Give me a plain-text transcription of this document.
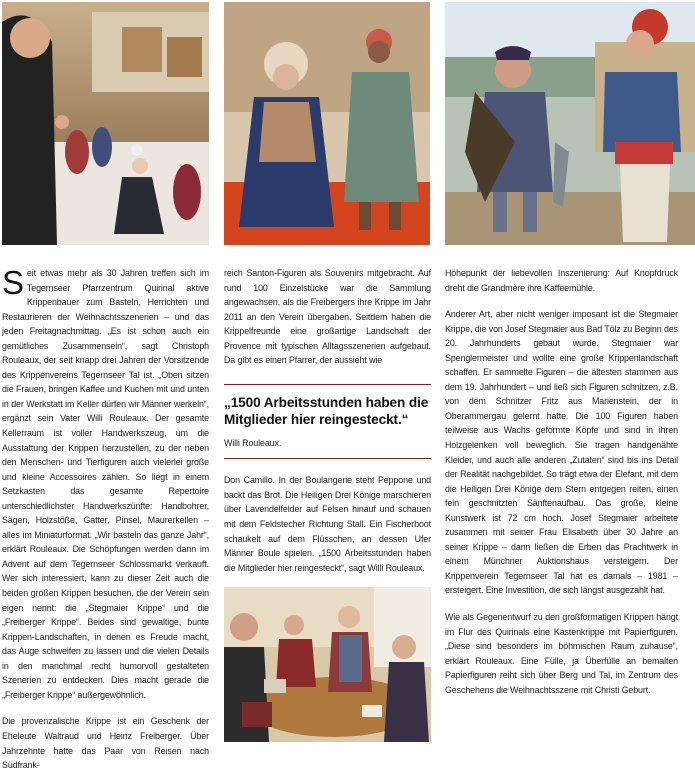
Seit etwas mehr als 30 Jahren treffen sich im Tegernseer Pfarrzentrum Quirinal aktive Krippenbauer zum Basteln, Herrichten und Restaurieren der Weihnachtsszenerien – und das jeden Freitagnachmittag. „Es ist schon auch ein gemütliches Zusammensein“, sagt Christoph Rouleaux, der seit knapp drei Jahren der Vorsitzende des Krippenvereins Tegernseer Tal ist. „Oben sitzen die Frauen, bringen Kaffee und Kuchen mit und unten in der Werkstatt im Keller dürfen wir Männer werkeln“, ergänzt sein Vater Willi Rouleaux. Der gesamte Kellerraum ist voller Handwerkszeug, um die Ausstattung der Krippen herzustellen, zu der neben den Menschen- und Tierfiguren auch vielerlei große und kleine Accessoires zählen. So liegt in einem Setzkasten das gesamte Repertoire unterschiedlichster Handwerkszünfte: Handbohrer, Sägen, Holzstöße, Gatter, Pinsel, Maurerkellen – alles im Miniaturformat. „Wir basteln das ganze Jahr“, erklärt Rouleaux. Die Schöpfungen werden dann im Advent auf dem Tegernseer Schlossmarkt verkauft. Wer sich interessiert, kann zu dieser Zeit auch die beiden großen Krippen besuchen, die der Verein sein eigen nennt: die „Stegmaier Krippe“ und die „Freiberger Krippe“. Beides sind gewaltige, bunte Krippen-Landschaften, in denen es Freude macht, das Auge schweifen zu lassen und die vielen Details in den manchmal recht humorvoll gestalteten Szenerien zu entdecken. Dies macht gerade die „Freiberger Krippe“ außergewöhnlich.

Die provenzalische Krippe ist ein Geschenk der Eheleute Waltraud und Heinz Freiberger. Über Jahrzehnte hatte das Paar von Reisen nach Südfrank-

reich Santon-Figuren als Souvenirs mitgebracht. Auf rund 100 Einzelstücke war die Sammlung angewachsen, als die Freibergers ihre Krippe im Jahr 2011 an den Verein übergaben. Seitdem haben die Krippelfreunde eine großartige Landschaft der Provence mit typischen Alltagsszenerien aufgebaut. Da gibt es einen Pfarrer, der aussieht wie

„1500 Arbeitsstunden haben die Mitglieder hier reingesteckt.“
Willi Rouleaux.

Don Camillo. In der Boulangerie steht Peppone und backt das Brot. Die Heiligen Drei Könige marschieren über Lavendelfelder auf Felsen hinauf und schauen mit dem Feldstecher Richtung Stall. Ein Fischerboot schaukelt auf dem Flüsschen, an dessen Ufer Männer Boule spielen. „1500 Arbeitsstunden haben die Mitglieder hier reingesteckt“, sagt Willi Rouleaux.

Höhepunkt der liebevollen Inszenierung: Auf Knopfdruck dreht die Grandmère ihre Kaffeemühle.

Anderer Art, aber nicht weniger imposant ist die Stegmaier Krippe, die von Josef Stegmaier aus Bad Tölz zu Beginn des 20. Jahrhunderts gebaut wurde. Stegmaier war Spenglermeister und wollte eine große Krippenlandschaft schaffen. Er sammelte Figuren – die ältesten stammen aus dem 19. Jahrhundert – und ließ sich Figuren schnitzen, z.B. von dem Schnitzer Fritz aus Marienstein, der in Oberammergau gelernt hatte. Die 100 Figuren haben teilweise aus Wachs geformte Köpfe und sind in ihren Holzgelenken voll beweglich. Sie tragen handgenähte Kleider, und auch alle anderen „Zutaten“ sind bis ins Detail der Realität nachgebildet. So trägt etwa der Elefant, mit dem die Heiligen Drei Könige dem Stern entgegen reiten, einen fein geschnitzten Sänftenaufbau. Das große, kleine Kunstwerk ist 72 cm hoch. Josef Stegmaier arbeitete zusammen mit seiner Frau Elisabeth über 30 Jahre an seiner Krippe – dann ließen die Erben das Prachtwerk in einem Münchner Auktionshaus versteigern. Der Krippenverein Tegernseer Tal hat es damals – 1981 – ersteigert. Eine Investition, die sich längst ausgezahlt hat.

Wie als Gegenentwurf zu den großformatigen Krippen hängt im Flur des Quirinals eine Kastenkrippe mit Papierfiguren. „Diese sind besonders im böhmischen Raum zuhause“, erklärt Rouleaux. Eine Fülle, ja Überfülle an bemalten Papierfiguren reiht sich über Berg und Tal, im Zentrum des Geschehens die Weihnachtsszene mit Christi Geburt.
